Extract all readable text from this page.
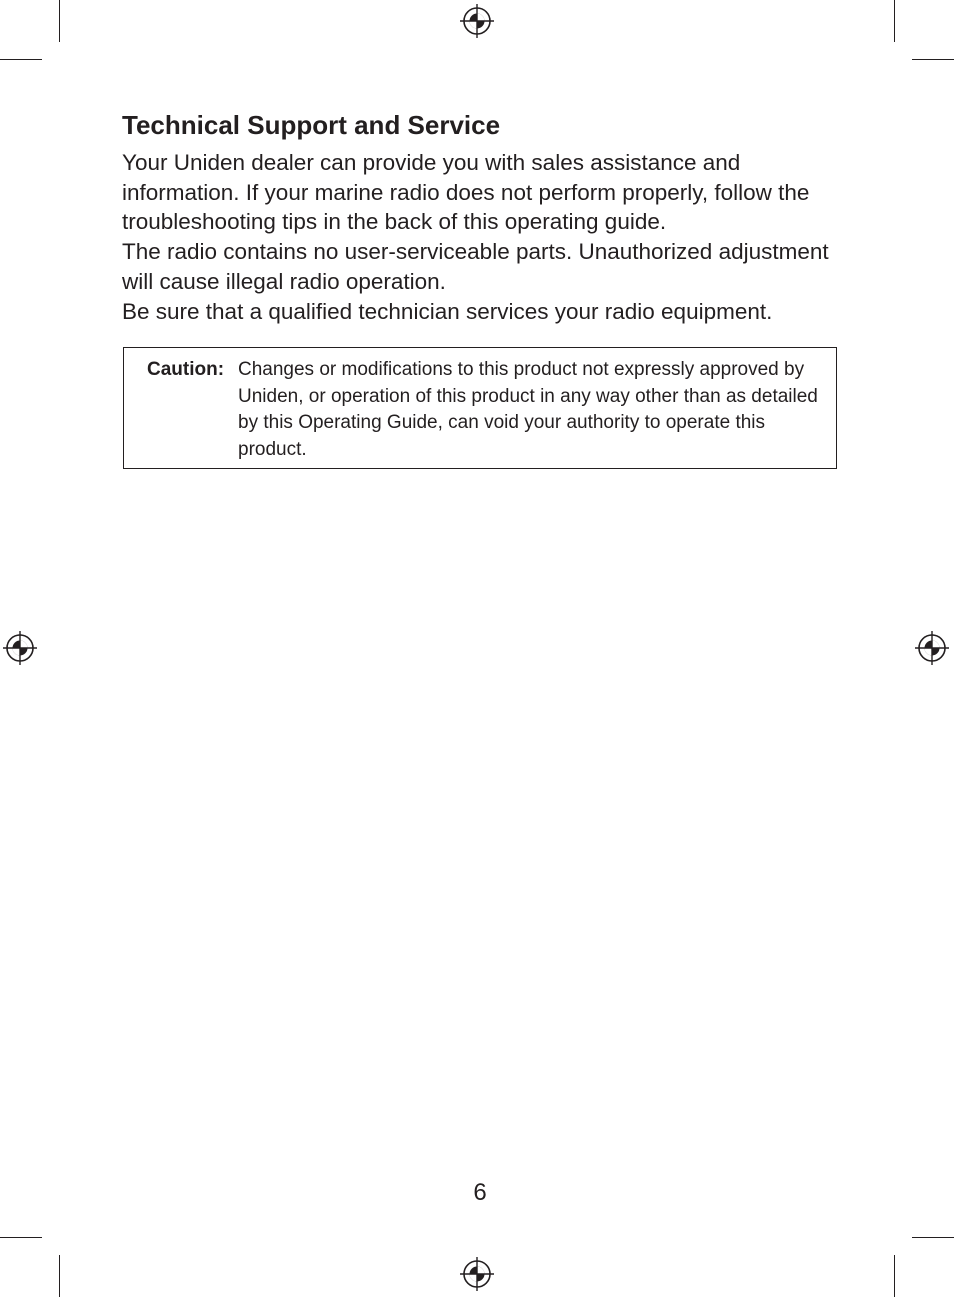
Technical Support and Service

Your Uniden dealer can provide you with sales assistance and information. If your marine radio does not perform properly, follow the troubleshooting tips in the back of this operating guide.

The radio contains no user-serviceable parts. Unauthorized adjustment will cause illegal radio operation.

Be sure that a qualified technician services your radio equipment.

Caution: Changes or modifications to this product not expressly approved by Uniden, or operation of this product in any way other than as detailed by this Operating Guide, can void your authority to operate this product.
6
